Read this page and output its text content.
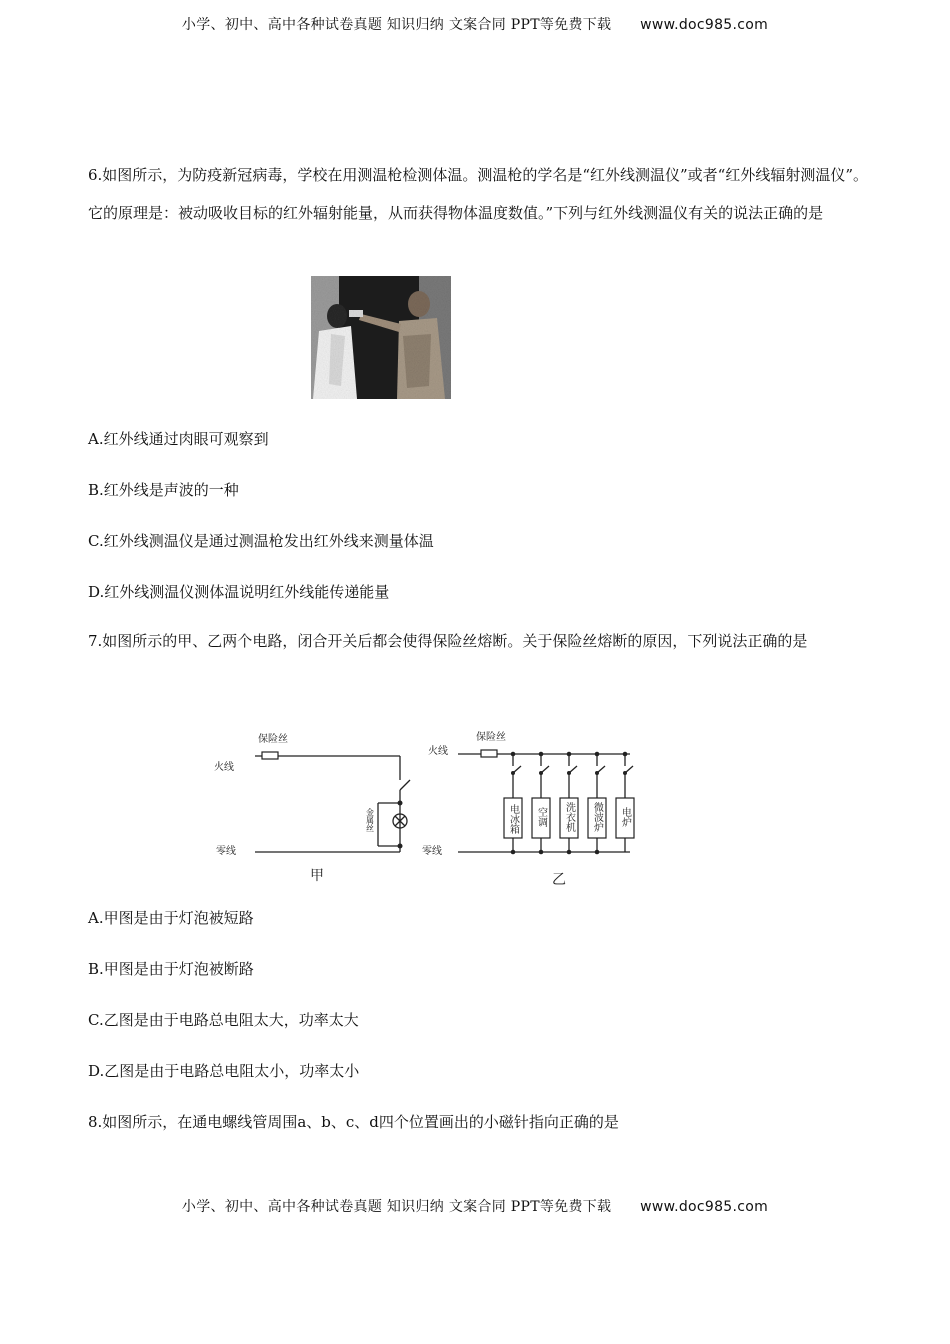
小学、初中、高中各种试卷真题 知识归纳 文案合同 PPT等免费下载 www.doc985.com
6.如图所示，为防疫新冠病毒，学校在用测温枪检测体温。测温枪的学名是“红外线测温仪”或者“红外线辐射测温仪”。它的原理是：被动吸收目标的红外辐射能量，从而获得物体温度数值。”下列与红外线测温仪有关的说法正确的是
A.红外线通过肉眼可观察到
B.红外线是声波的一种
C.红外线测温仪是通过测温枪发出红外线来测量体温
D.红外线测温仪测体温说明红外线能传递能量
7.如图所示的甲、乙两个电路，闭合开关后都会使得保险丝熔断。关于保险丝熔断的原因，下列说法正确的是
保险丝
火线
零线
保险丝
火线
零线
金属丝	电冰箱 空调 洗衣机 微波炉 电炉
甲	乙
A.甲图是由于灯泡被短路
B.甲图是由于灯泡被断路
C.乙图是由于电路总电阻太大，功率太大
D.乙图是由于电路总电阻太小，功率太小
8.如图所示，在通电螺线管周围a、b、c、d四个位置画出的小磁针指向正确的是
小学、初中、高中各种试卷真题 知识归纳 文案合同 PPT等免费下载 www.doc985.com
